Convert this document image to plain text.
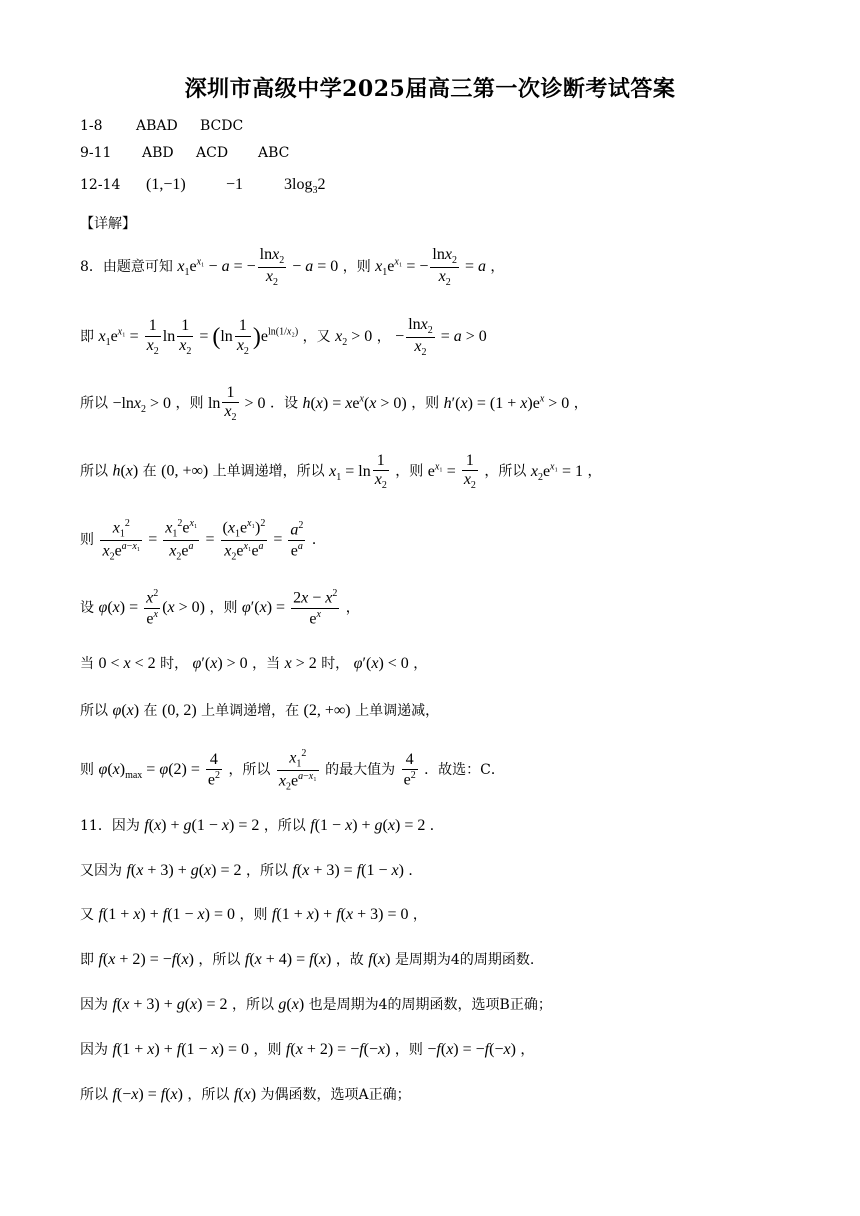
深圳市高级中学2025届高三第一次诊断考试答案
1-8 ABAD BCDC
9-11 ABD ACD ABC
12-14 (1,−1)	−1	$3\log_32$
【详解】
8．由题意可知 $x_1e^{x_1} - a$ = − $\frac{\ln x_2}{x_2} - a = 0$ ，则 $x_1e^{x_1}$ = − $\frac{\ln x_2}{x_2} = a$ ，
即 $x_1e^{x_1} = \frac{1}{x_2}$ $\ln \frac{1}{x_2} = (\ln \frac{1}{x_2} )e^{ln(1/x_2)}$ ，又 $x_2 > 0$ ， − $\frac{\ln x_2}{x_2} = a > 0$
所以 −lnx$_2$ > 0 ，则 $\ln \frac{1}{x_2} > 0$ ．设 $h(x) = xe^x(x > 0)$ ，则 $h'(x) = (1 + x)e^x > 0$ ，
所以 h(x) 在 (0, +∞) 上单调递增，所以 $x_1 = \ln \frac{1}{x_2}$ ，则 $e^{x_1} = \frac{1}{x_2}$ ，所以 $x_2e^{x_1} = 1$ ，
则 $\frac{x_1^2}{x_2e^{a-x_1}} = \frac{x_1^2e^{x_1}}{x_2e^a} = \frac{(x_1e^{x_1})^2}{x_2e^{x_1}e^a} = \frac{a^2}{e^a}$ ．
设 $\varphi(x) = \frac{x^2}{e^x} (x > 0)$ ，则 $\varphi'(x) = \frac{2x - x^2}{e^x}$ ，
当 0 < x < 2 时， φ′(x) > 0 ，当 x > 2 时， φ′(x) < 0 ，
所以 φ(x) 在 (0, 2) 上单调递增，在 (2, +∞) 上单调递减，
则 $\varphi(x)_{max} = \varphi(2) = \frac{4}{e^2}$ ，所以 $\frac{x_1^2}{x_2e^{a-x_1}}$ 的最大值为 $\frac{4}{e^2}$ ．故选：C．
11．因为 f(x) + g(1 − x) = 2 ，所以 f(1 − x) + g(x) = 2 ．
又因为 f(x + 3) + g(x) = 2 ，所以 f(x + 3) = f(1 − x) ．
又 f(1 + x) + f(1 − x) = 0 ，则 f(1 + x) + f(x + 3) = 0 ，
即 f(x + 2) = −f(x) ，所以 f(x + 4) = f(x) ，故 f(x) 是周期为4的周期函数.
因为 f(x + 3) + g(x) = 2 ，所以 g(x) 也是周期为4的周期函数，选项B正确；
因为 f(1 + x) + f(1 − x) = 0 ，则 f(x + 2) = −f(−x) ，则 −f(x) = −f(−x) ，
所以 f(−x) = f(x) ，所以 f(x) 为偶函数，选项A正确；
